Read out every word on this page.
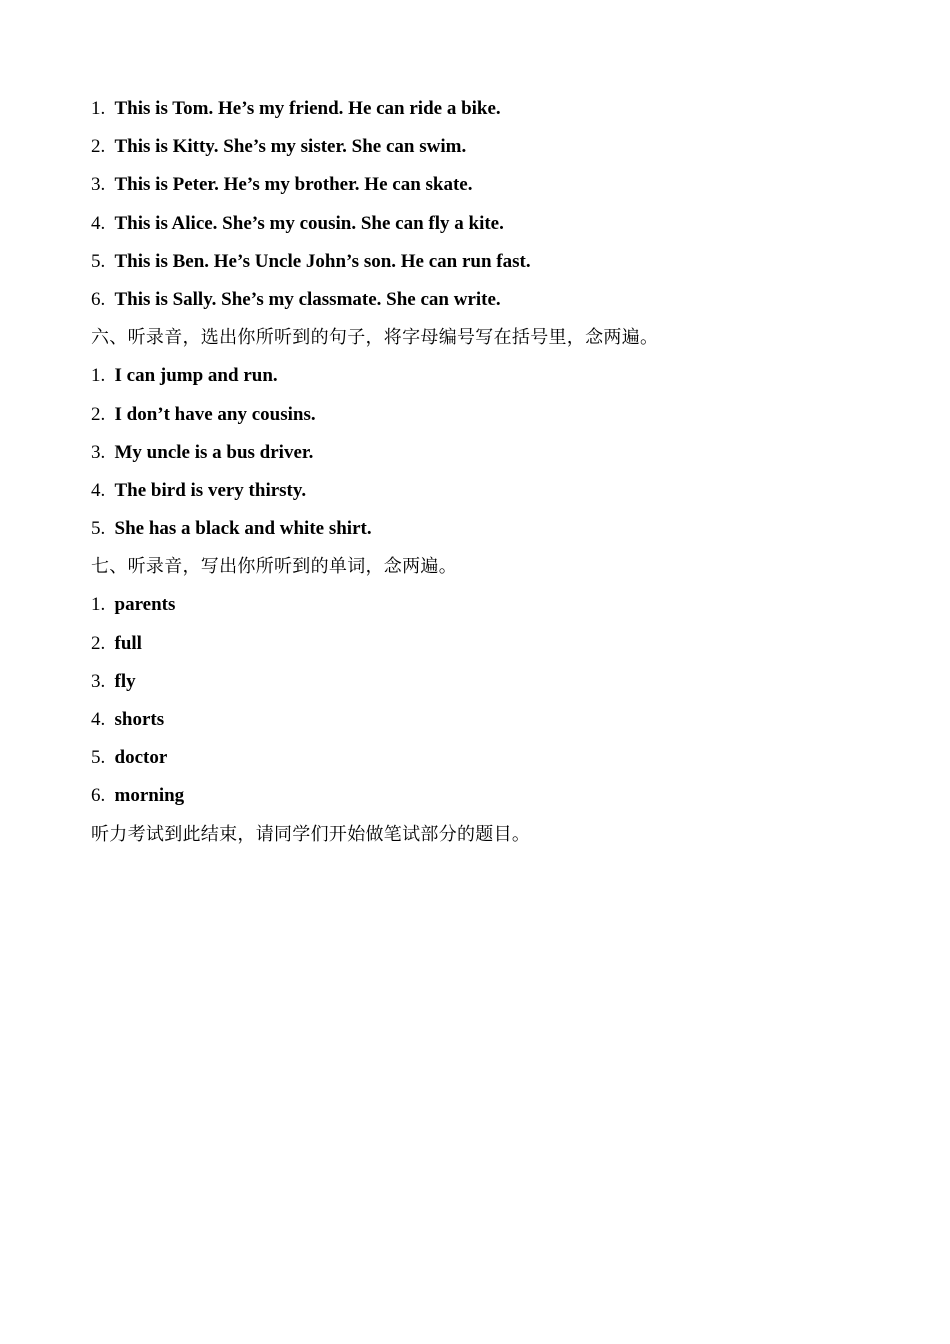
1. This is Tom. He’s my friend. He can ride a bike.
2. This is Kitty. She’s my sister. She can swim.
3. This is Peter. He’s my brother. He can skate.
4. This is Alice. She’s my cousin. She can fly a kite.
5. This is Ben. He’s Uncle John’s son. He can run fast.
6. This is Sally. She’s my classmate. She can write.
六、听录音，选出你所听到的句子，将字母编号写在括号里，念两遍。
1. I can jump and run.
2. I don’t have any cousins.
3. My uncle is a bus driver.
4. The bird is very thirsty.
5. She has a black and white shirt.
七、听录音，写出你所听到的单词，念两遍。
1. parents
2. full
3. fly
4. shorts
5. doctor
6. morning
听力考试到此结束，请同学们开始做笔试部分的题目。
